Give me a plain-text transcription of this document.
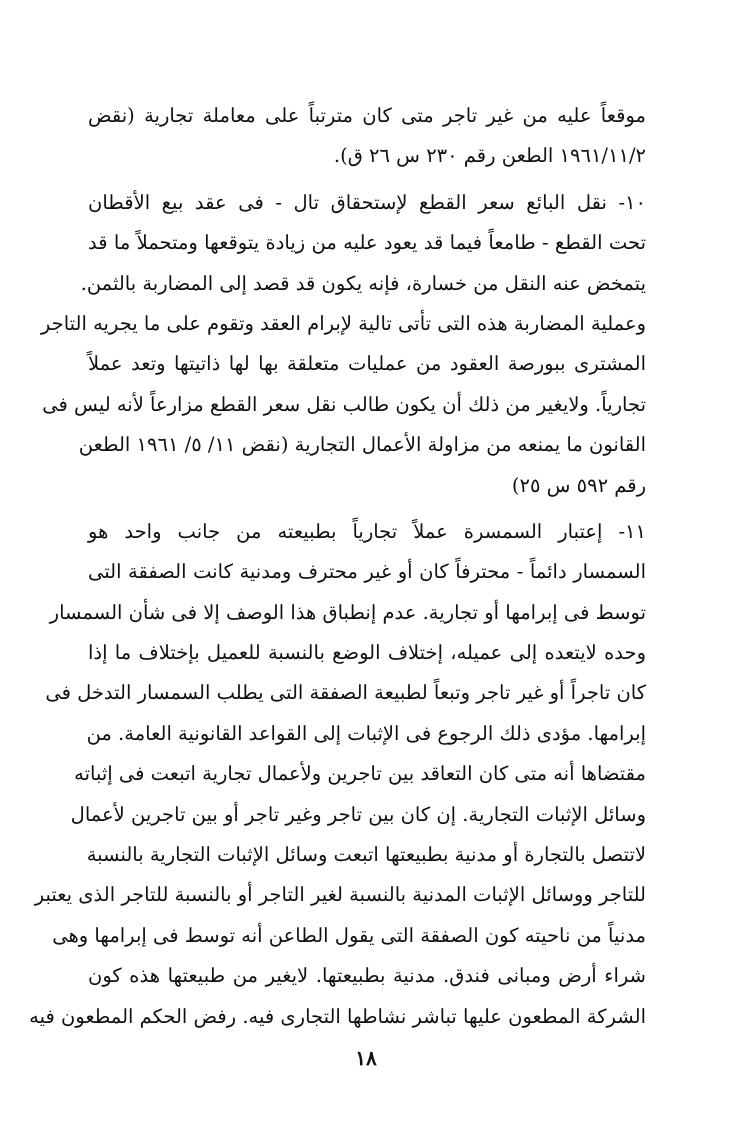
موقعاً عليه من غير تاجر متى كان مترتباً على معاملة تجارية (نقض
١٩٦١/١١/٢ الطعن رقم ٢٣٠ س ٢٦ ق).
١٠- نقل البائع سعر القطع لإستحقاق تال - فى عقد بيع الأقطان
تحت القطع - طامعاً فيما قد يعود عليه من زيادة يتوقعها ومتحملاً ما قد
يتمخض عنه النقل من خسارة، فإنه يكون قد قصد إلى المضاربة بالثمن.
وعملية المضاربة هذه التى تأتى تالية لإبرام العقد وتقوم على ما يجريه التاجر
المشترى ببورصة العقود من عمليات متعلقة بها لها ذاتيتها وتعد عملاً
تجارياً. ولايغير من ذلك أن يكون طالب نقل سعر القطع مزارعاً لأنه ليس فى
القانون ما يمنعه من مزاولة الأعمال التجارية (نقض ١١/ ٥/ ١٩٦١ الطعن
رقم ٥٩٢ س ٢٥)
١١- إعتبار السمسرة عملاً تجارياً بطبيعته من جانب واحد هو
السمسار دائماً - محترفاً كان أو غير محترف ومدنية كانت الصفقة التى
توسط فى إبرامها أو تجارية. عدم إنطباق هذا الوصف إلا فى شأن السمسار
وحده لايتعده إلى عميله، إختلاف الوضع بالنسبة للعميل بإختلاف ما إذا
كان تاجراً أو غير تاجر وتبعاً لطبيعة الصفقة التى يطلب السمسار التدخل فى
إبرامها. مؤدى ذلك الرجوع فى الإثبات إلى القواعد القانونية العامة. من
مقتضاها أنه متى كان التعاقد بين تاجرين ولأعمال تجارية اتبعت فى إثباته
وسائل الإثبات التجارية. إن كان بين تاجر وغير تاجر أو بين تاجرين لأعمال
لاتتصل بالتجارة أو مدنية بطبيعتها اتبعت وسائل الإثبات التجارية بالنسبة
للتاجر ووسائل الإثبات المدنية بالنسبة لغير التاجر أو بالنسبة للتاجر الذى يعتبر
مدنياً من ناحيته كون الصفقة التى يقول الطاعن أنه توسط فى إبرامها وهى
شراء أرض ومبانى فندق. مدنية بطبيعتها. لايغير من طبيعتها هذه كون
الشركة المطعون عليها تباشر نشاطها التجارى فيه. رفض الحكم المطعون فيه
١٨
